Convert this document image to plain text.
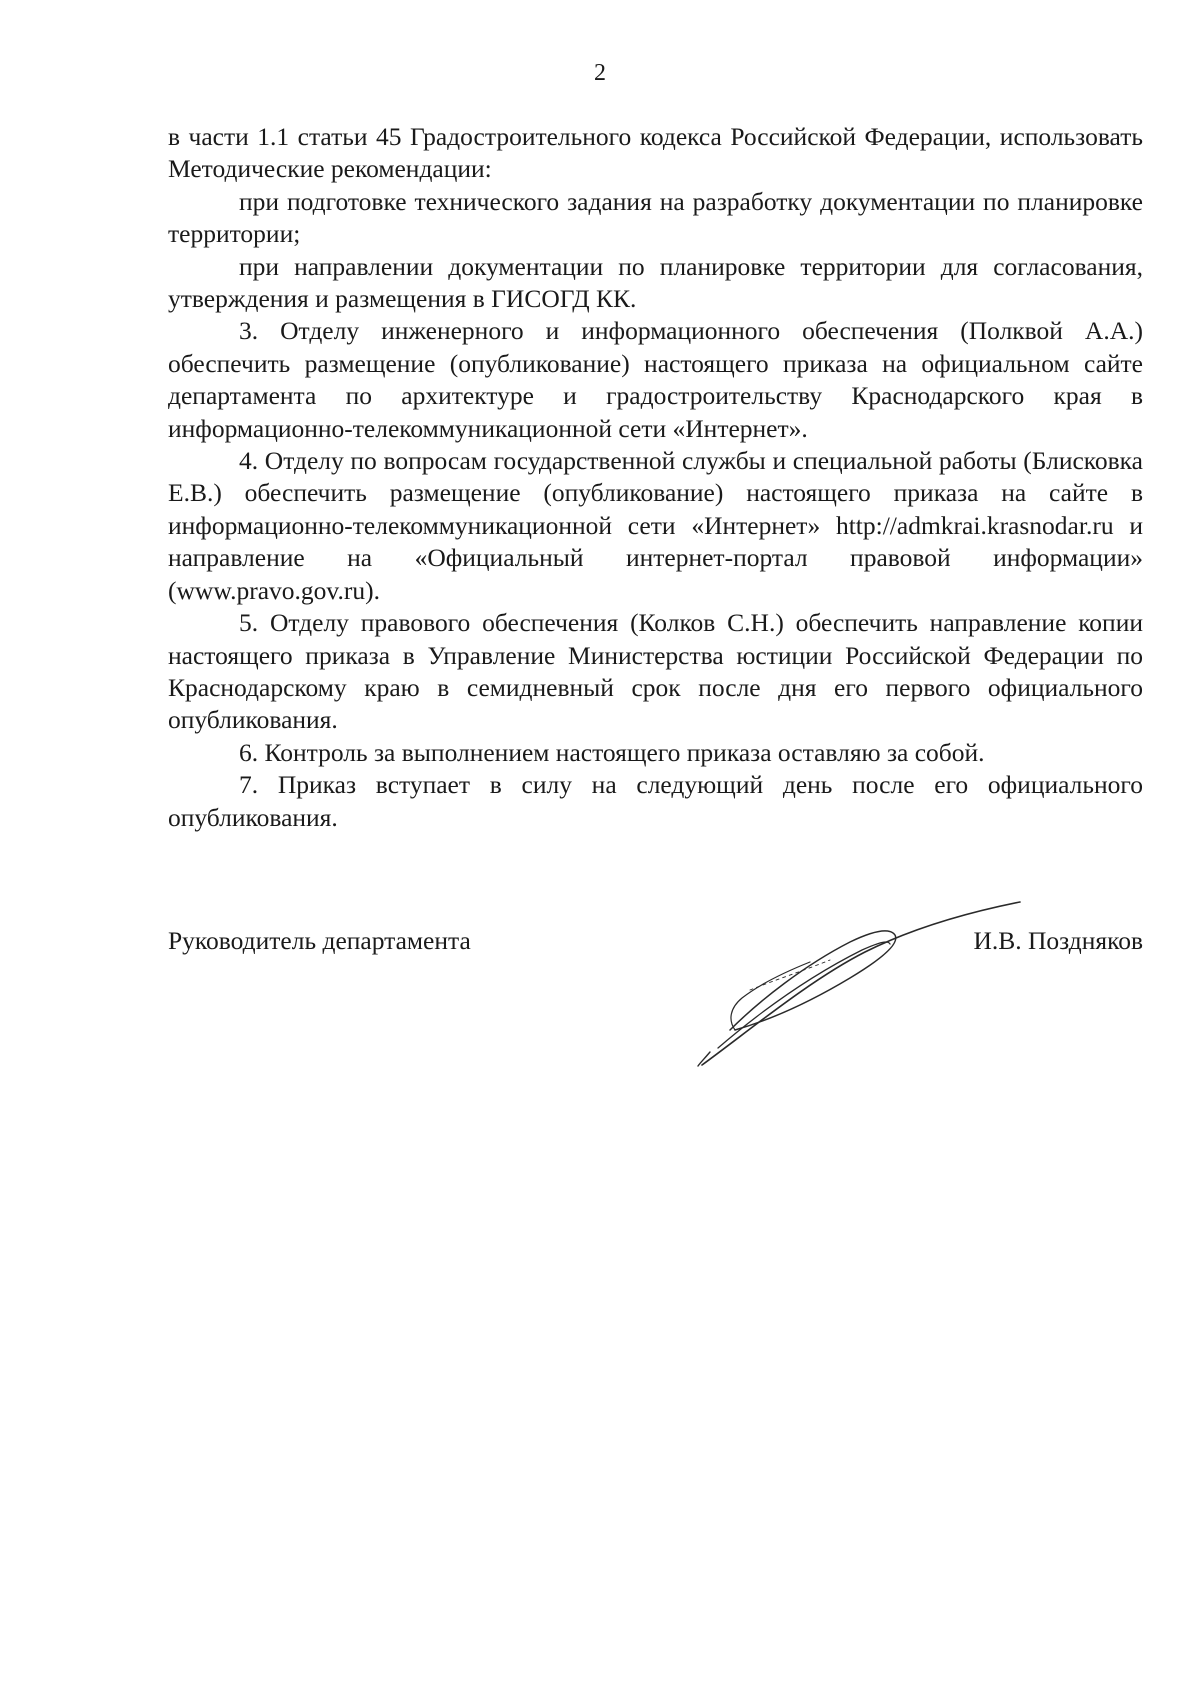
2

в части 1.1 статьи 45 Градостроительного кодекса Российской Федерации, использовать Методические рекомендации:

при подготовке технического задания на разработку документации по планировке территории;

при направлении документации по планировке территории для согласования, утверждения и размещения в ГИСОГД КК.

3. Отделу инженерного и информационного обеспечения (Полквой А.А.) обеспечить размещение (опубликование) настоящего приказа на официальном сайте департамента по архитектуре и градостроительству Краснодарского края в информационно-телекоммуникационной сети «Интернет».

4. Отделу по вопросам государственной службы и специальной работы (Блисковка Е.В.) обеспечить размещение (опубликование) настоящего приказа на сайте в информационно-телекоммуникационной сети «Интернет» http://admkrai.krasnodar.ru и направление на «Официальный интернет-портал правовой информации» (www.pravo.gov.ru).

5. Отделу правового обеспечения (Колков С.Н.) обеспечить направление копии настоящего приказа в Управление Министерства юстиции Российской Федерации по Краснодарскому краю в семидневный срок после дня его первого официального опубликования.

6. Контроль за выполнением настоящего приказа оставляю за собой.

7. Приказ вступает в силу на следующий день после его официального опубликования.

Руководитель департамента	И.В. Поздняков
